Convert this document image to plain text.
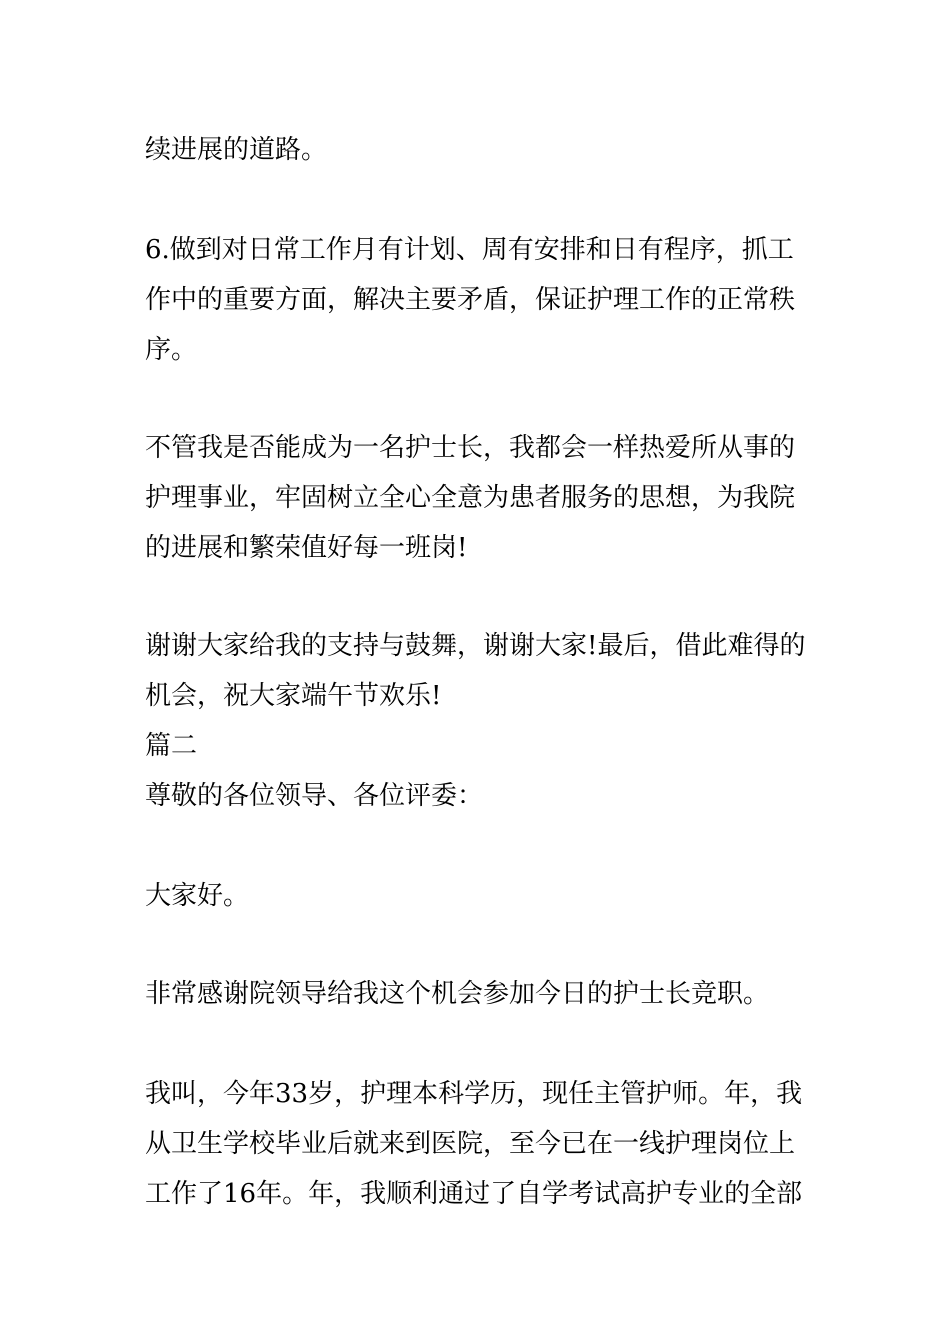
续进展的道路。
6.做到对日常工作月有计划、周有安排和日有程序，抓工
作中的重要方面，解决主要矛盾，保证护理工作的正常秩
序。
不管我是否能成为一名护士长，我都会一样热爱所从事的
护理事业，牢固树立全心全意为患者服务的思想，为我院
的进展和繁荣值好每一班岗!
谢谢大家给我的支持与鼓舞，谢谢大家!最后，借此难得的
机会，祝大家端午节欢乐!
篇二
尊敬的各位领导、各位评委：
大家好。
非常感谢院领导给我这个机会参加今日的护士长竞职。
我叫，今年33岁，护理本科学历，现任主管护师。年，我
从卫生学校毕业后就来到医院，至今已在一线护理岗位上
工作了16年。年，我顺利通过了自学考试高护专业的全部
